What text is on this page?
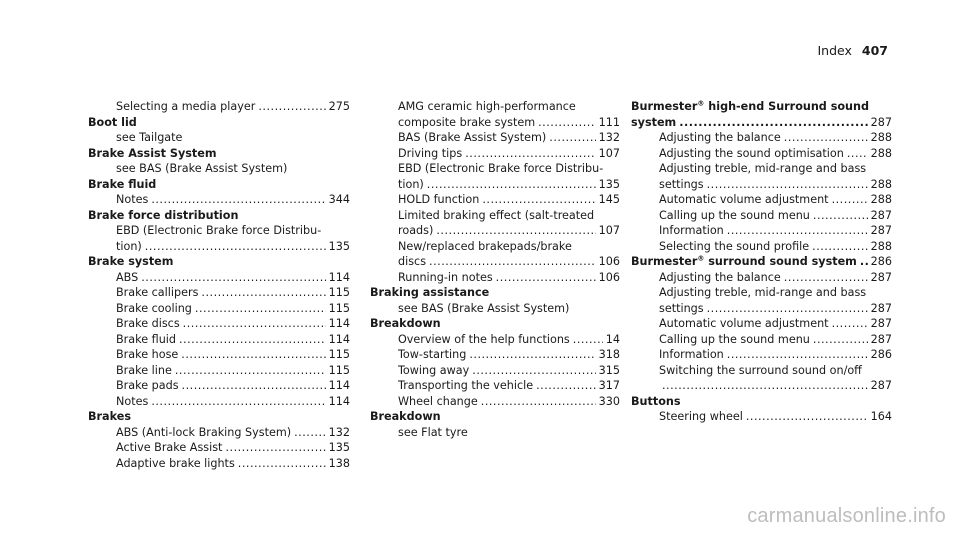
Index 407
Selecting a media player .....	275
Boot lid
see Tailgate
Brake Assist System
see BAS (Brake Assist System)
Brake fluid
Notes .....	344
Brake force distribution
EBD (Electronic Brake force Distribu-
tion) .....	135
Brake system
ABS .....	114
Brake callipers .....	115
Brake cooling .....	115
Brake discs .....	114
Brake fluid .....	114
Brake hose .....	115
Brake line .....	115
Brake pads .....	114
Notes .....	114
Brakes
ABS (Anti-lock Braking System) .....	132
Active Brake Assist .....	135
Adaptive brake lights .....	138
AMG ceramic high-performance
composite brake system .....	111
BAS (Brake Assist System) .....	132
Driving tips .....	107
EBD (Electronic Brake force Distribu-
tion) .....	135
HOLD function .....	145
Limited braking effect (salt-treated
roads) .....	107
New/replaced brakepads/brake
discs .....	106
Running-in notes .....	106
Braking assistance
see BAS (Brake Assist System)
Breakdown
Overview of the help functions .....	14
Tow-starting .....	318
Towing away .....	315
Transporting the vehicle .....	317
Wheel change .....	330
Breakdown
see Flat tyre
Burmester® high-end Surround sound
system .....	287
Adjusting the balance .....	288
Adjusting the sound optimisation ..... 288
Adjusting treble, mid-range and bass
settings .....	288
Automatic volume adjustment .....	288
Calling up the sound menu .....	287
Information .....	287
Selecting the sound profile .....	288
Burmester® surround sound system ..... 286
Adjusting the balance .....	287
Adjusting treble, mid-range and bass
settings .....	287
Automatic volume adjustment .....	287
Calling up the sound menu .....	287
Information .....	286
Switching the surround sound on/off
.....
287
Buttons
Steering wheel .....	164
carmanualsonline.info
